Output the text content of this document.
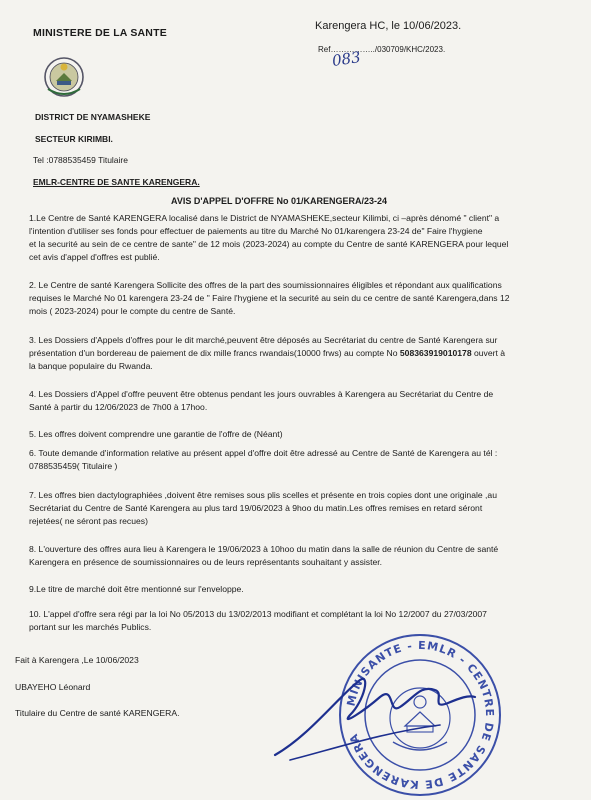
MINISTERE DE LA SANTE
Karengera HC, le 10/06/2023.
Ref……………../030709/KHC/2023.
083
DISTRICT DE NYAMASHEKE
SECTEUR KIRIMBI.
Tel :0788535459 Titulaire
EMLR-CENTRE DE SANTE KARENGERA.
AVIS D'APPEL D'OFFRE No 01/KARENGERA/23-24
1.Le Centre de Santé KARENGERA localisé dans le District de NYAMASHEKE,secteur Kilimbi, ci –après dénomé " client" a
l'intention d'utiliser ses fonds pour effectuer de paiements au titre du Marché No 01/karengera 23-24 de" Faire l'hygiene
et la securité au sein de ce centre de sante" de 12 mois (2023-2024) au compte du Centre de santé KARENGERA pour lequel
cet avis d'appel d'offres est publié.
2. Le Centre de santé Karengera Sollicite des offres de la part des soumissionnaires éligibles et répondant aux qualifications
requises le Marché No 01 karengera 23-24 de " Faire l'hygiene et la securité au sein du ce centre de santé Karengera,dans 12
mois ( 2023-2024) pour le compte du centre de Santé.
3. Les Dossiers d'Appels d'offres pour le dit marché,peuvent être déposés au Secrétariat du centre de Santé Karengera sur
présentation d'un bordereau de paiement de dix mille francs rwandais(10000 frws) au compte No 508363919010178 ouvert à
la banque populaire du Rwanda.
4. Les Dossiers d'Appel d'offre peuvent être obtenus pendant les jours ouvrables à Karengera au Secrétariat du Centre de
Santé à partir du 12/06/2023 de 7h00 à 17hoo.
5. Les offres doivent comprendre une garantie de l'offre de (Néant)
6. Toute demande d'information relative au présent appel d'offre doit être adressé au Centre de Santé de Karengera au tél :
0788535459( Titulaire )
7. Les offres bien dactylographiées ,doivent être remises sous plis scelles et présente en trois copies dont une originale ,au
Secrétariat du Centre de Santé Karengera au plus tard 19/06/2023 à 9hoo du matin.Les offres remises en retard séront
rejetées( ne séront pas recues)
8. L'ouverture des offres aura lieu à Karengera le 19/06/2023 à 10hoo du matin dans la salle de réunion du Centre de santé
Karengera en présence de soumissionnaires ou de leurs représentants souhaitant y assister.
9.Le titre de marché doit être mentionné sur l'enveloppe.
10. L'appel d'offre sera régi par la loi No 05/2013 du 13/02/2013 modifiant et complétant la loi No 12/2007 du 27/03/2007
portant sur les marchés Publics.
Fait à Karengera ,Le 10/06/2023
UBAYEHO Léonard
Titulaire du Centre de santé KARENGERA.
MINISANTE - EMLR - CENTRE DE SANTE DE KARENGERA
